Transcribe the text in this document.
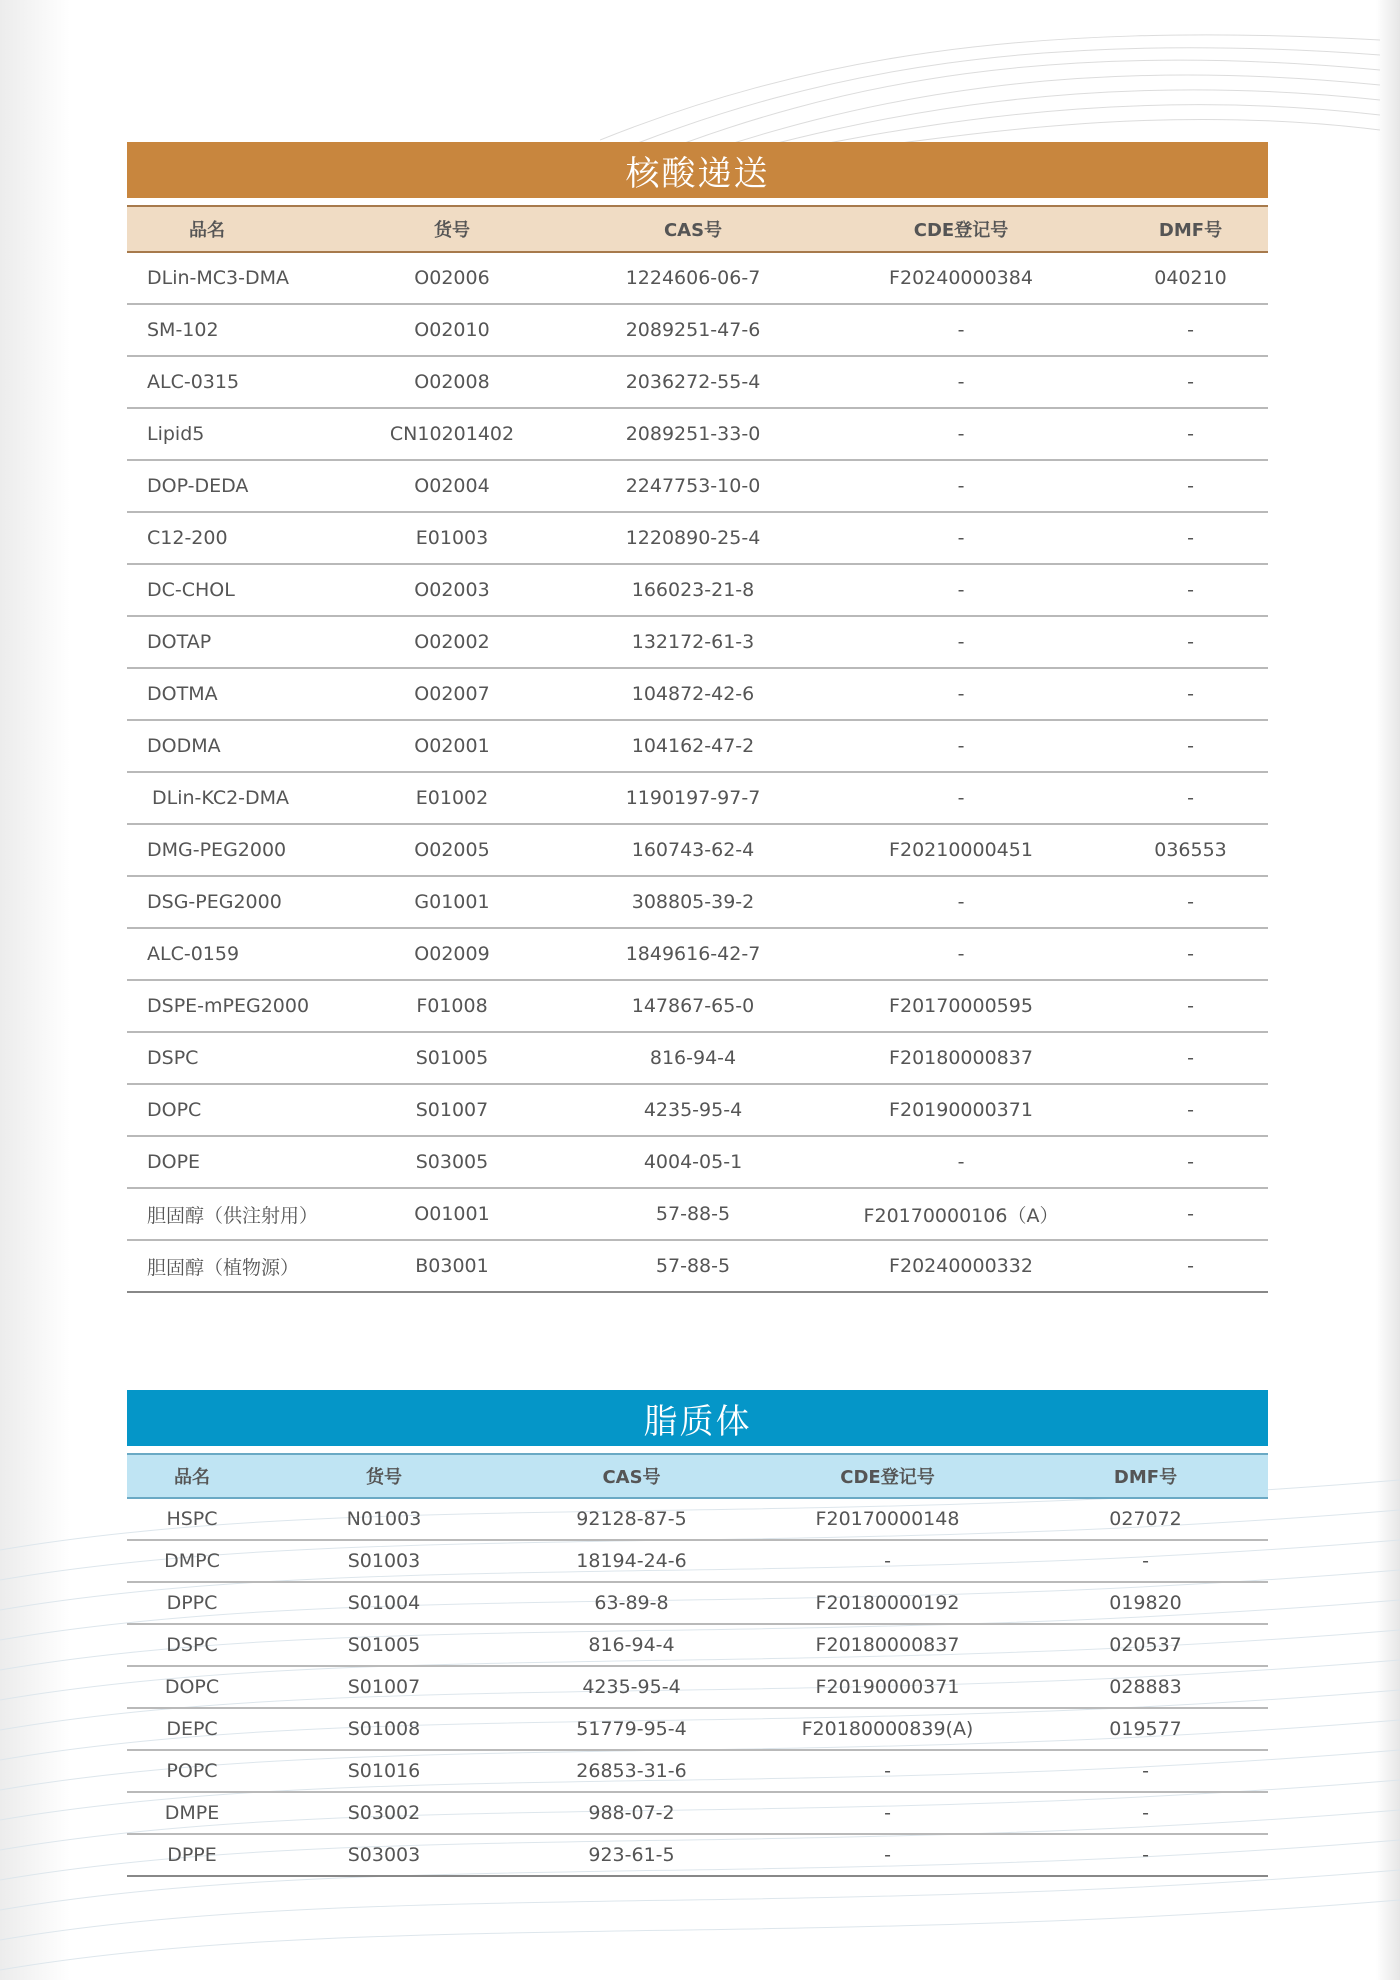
核酸递送
品名	货号	CAS号	CDE登记号	DMF号
DLin-MC3-DMA	O02006	1224606-06-7	F20240000384	040210
SM-102	O02010	2089251-47-6	-	-
ALC-0315	O02008	2036272-55-4	-	-
Lipid5	CN10201402	2089251-33-0	-	-
DOP-DEDA	O02004	2247753-10-0	-	-
C12-200	E01003	1220890-25-4	-	-
DC-CHOL	O02003	166023-21-8	-	-
DOTAP	O02002	132172-61-3	-	-
DOTMA	O02007	104872-42-6	-	-
DODMA	O02001	104162-47-2	-	-
DLin-KC2-DMA	E01002	1190197-97-7	-	-
DMG-PEG2000	O02005	160743-62-4	F20210000451	036553
DSG-PEG2000	G01001	308805-39-2	-	-
ALC-0159	O02009	1849616-42-7	-	-
DSPE-mPEG2000	F01008	147867-65-0	F20170000595	-
DSPC	S01005	816-94-4	F20180000837	-
DOPC	S01007	4235-95-4	F20190000371	-
DOPE	S03005	4004-05-1	-	-
胆固醇（供注射用）	O01001	57-88-5	F20170000106（A）	-
胆固醇（植物源）	B03001	57-88-5	F20240000332	-
脂质体
品名	货号	CAS号	CDE登记号	DMF号
HSPC	N01003	92128-87-5	F20170000148	027072
DMPC	S01003	18194-24-6	-	-
DPPC	S01004	63-89-8	F20180000192	019820
DSPC	S01005	816-94-4	F20180000837	020537
DOPC	S01007	4235-95-4	F20190000371	028883
DEPC	S01008	51779-95-4	F20180000839(A)	019577
POPC	S01016	26853-31-6	-	-
DMPE	S03002	988-07-2	-	-
DPPE	S03003	923-61-5	-	-
